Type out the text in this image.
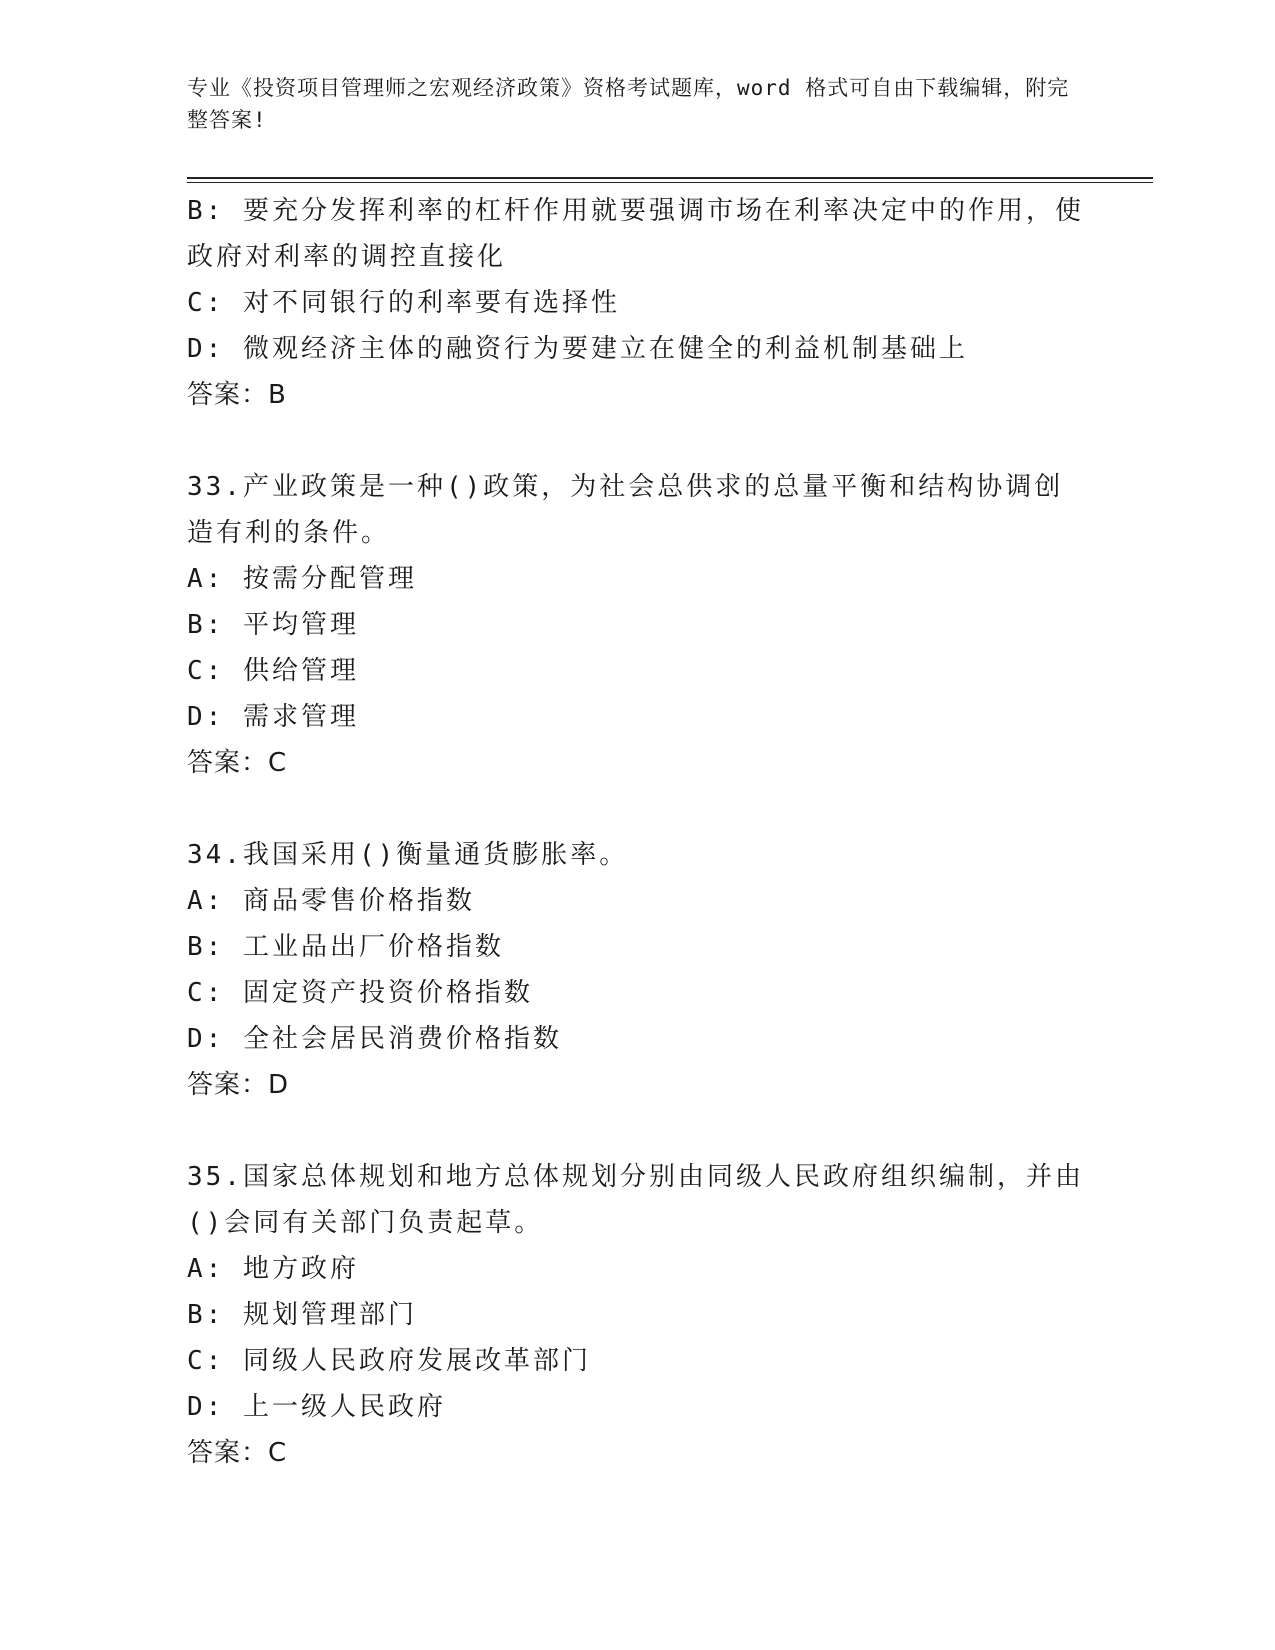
专业《投资项目管理师之宏观经济政策》资格考试题库，word 格式可自由下载编辑，附完整答案!

B: 要充分发挥利率的杠杆作用就要强调市场在利率决定中的作用，使政府对利率的调控直接化

C: 对不同银行的利率要有选择性

D: 微观经济主体的融资行为要建立在健全的利益机制基础上

答案：B

33.产业政策是一种()政策，为社会总供求的总量平衡和结构协调创造有利的条件。

A: 按需分配管理

B: 平均管理

C: 供给管理

D: 需求管理

答案：C

34.我国采用()衡量通货膨胀率。

A: 商品零售价格指数

B: 工业品出厂价格指数

C: 固定资产投资价格指数

D: 全社会居民消费价格指数

答案：D

35.国家总体规划和地方总体规划分别由同级人民政府组织编制，并由()会同有关部门负责起草。

A: 地方政府

B: 规划管理部门

C: 同级人民政府发展改革部门

D: 上一级人民政府

答案：C
